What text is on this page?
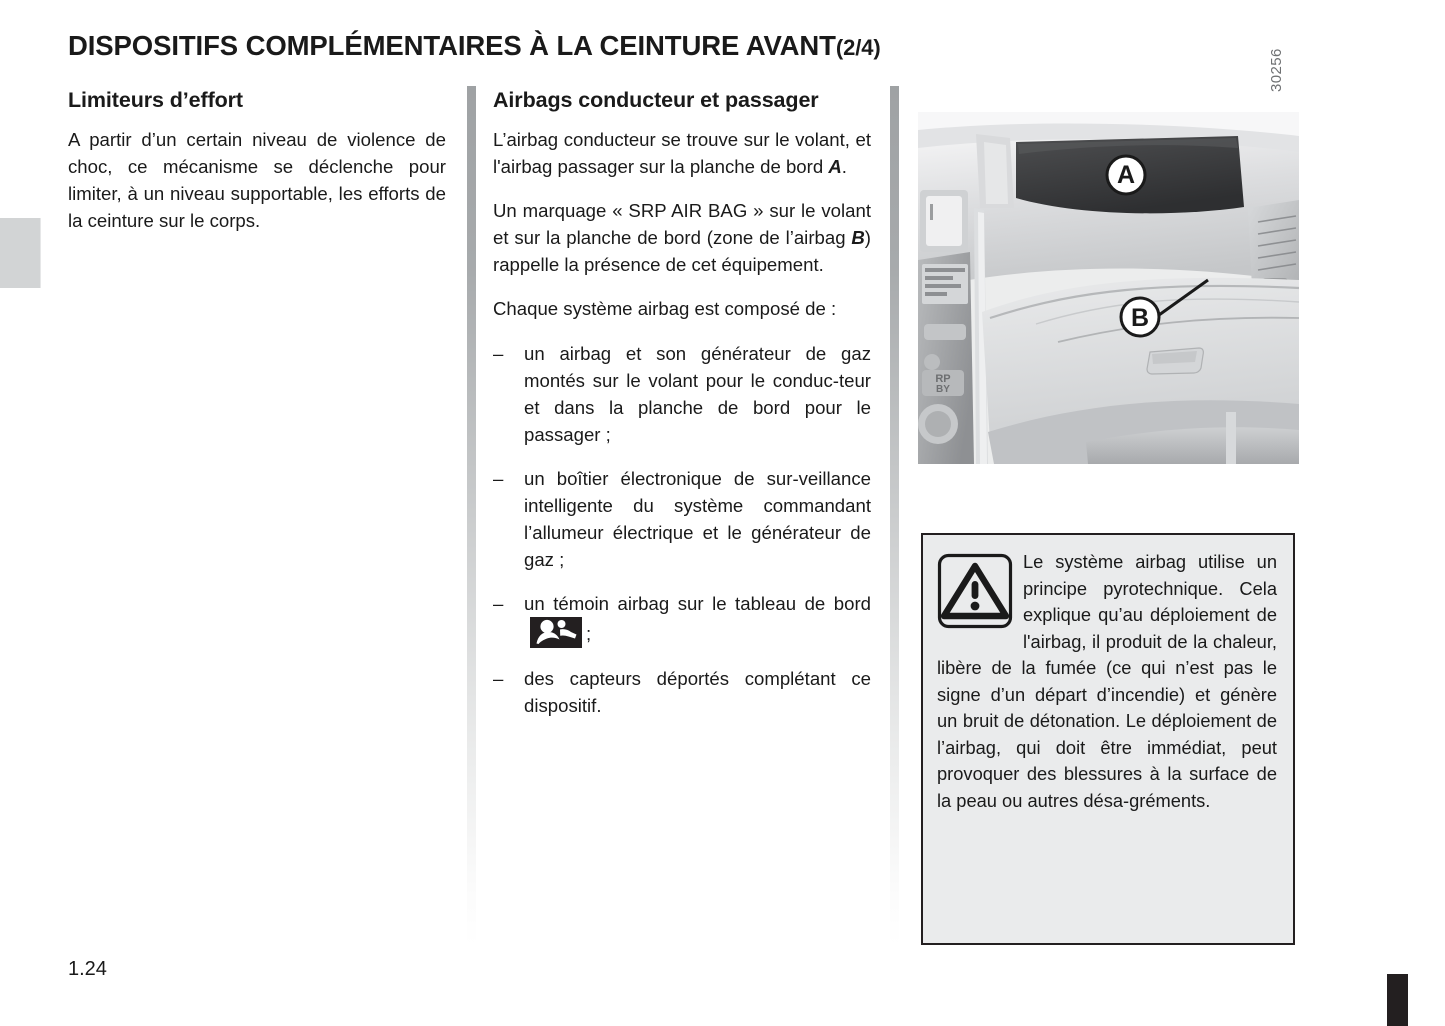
DISPOSITIFS COMPLÉMENTAIRES À LA CEINTURE AVANT(2/4)
Limiteurs d’effort

A partir d’un certain niveau de violence de choc, ce mécanisme se déclenche pour limiter, à un niveau supportable, les efforts de la ceinture sur le corps.

Airbags conducteur et passager

L’airbag conducteur se trouve sur le volant, et l'airbag passager sur la planche de bord A.

Un marquage « SRP AIR BAG » sur le volant et sur la planche de bord (zone de l’airbag B) rappelle la présence de cet équipement.

Chaque système airbag est composé de :

– un airbag et son générateur de gaz montés sur le volant pour le conduc-teur et dans la planche de bord pour le passager ;
– un boîtier électronique de sur-veillance intelligente du système commandant l’allumeur électrique et le générateur de gaz ;
– un témoin airbag sur le tableau de bord
;
– des capteurs déportés complétant ce dispositif.
30256
RP
BY
A
B

Le système airbag utilise un principe pyrotechnique. Cela explique qu’au déploiement de l'airbag, il produit de la chaleur, libère de la fumée (ce qui n’est pas le signe d’un départ d’incendie) et génère un bruit de détonation. Le déploiement de l’airbag, qui doit être immédiat, peut provoquer des blessures à la surface de la peau ou autres désa-gréments.

1.24
